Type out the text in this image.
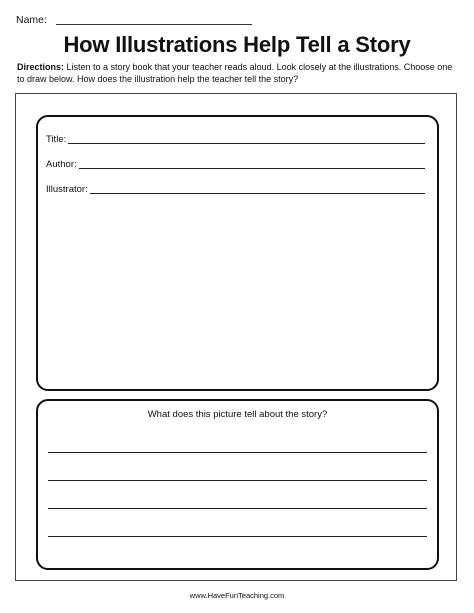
Name:
How Illustrations Help Tell a Story
Directions: Listen to a story book that your teacher reads aloud. Look closely at the illustrations. Choose one to draw below. How does the illustration help the teacher tell the story?
Title:
Author:
Illustrator:
What does this picture tell about the story?
www.HaveFunTeaching.com
